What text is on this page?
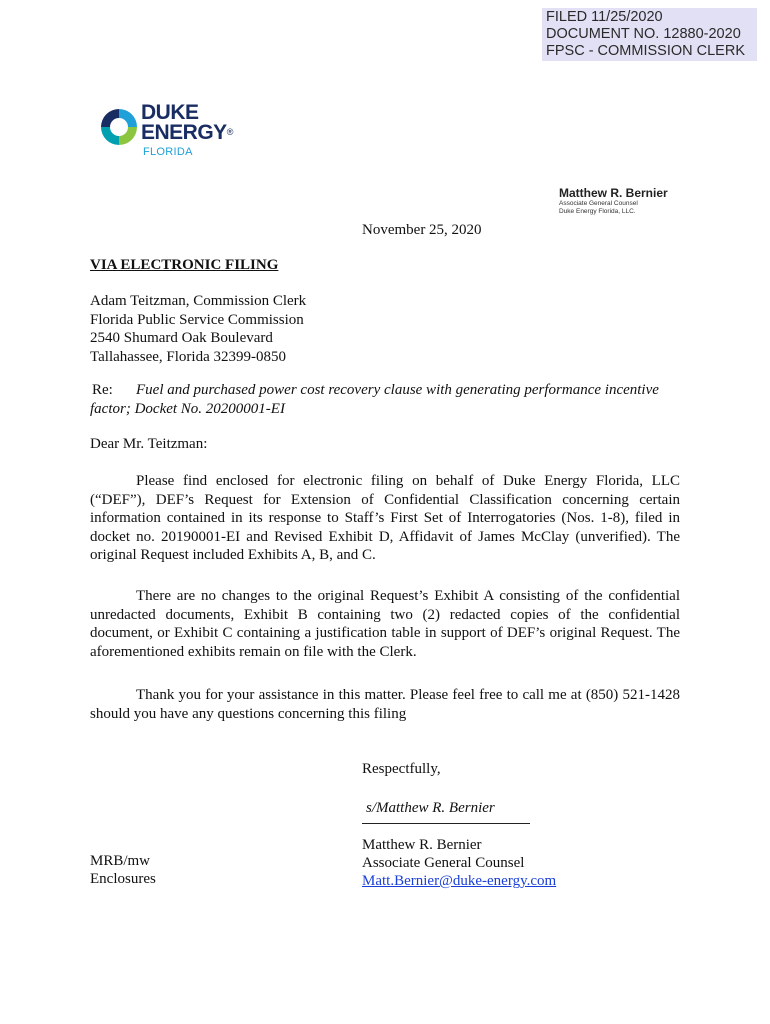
FILED 11/25/2020
DOCUMENT NO. 12880-2020
FPSC - COMMISSION CLERK
DUKE
ENERGY®
FLORIDA
Matthew R. Bernier
Associate General Counsel
Duke Energy Florida, LLC.
November 25, 2020
VIA ELECTRONIC FILING
Adam Teitzman, Commission Clerk
Florida Public Service Commission
2540 Shumard Oak Boulevard
Tallahassee, Florida 32399-0850
Re: Fuel and purchased power cost recovery clause with generating performance incentive
factor; Docket No. 20200001-EI
Dear Mr. Teitzman:
Please find enclosed for electronic filing on behalf of Duke Energy Florida, LLC (“DEF”), DEF’s Request for Extension of Confidential Classification concerning certain information contained in its response to Staff’s First Set of Interrogatories (Nos. 1-8), filed in docket no. 20190001-EI and Revised Exhibit D, Affidavit of James McClay (unverified). The original Request included Exhibits A, B, and C.
There are no changes to the original Request’s Exhibit A consisting of the confidential unredacted documents, Exhibit B containing two (2) redacted copies of the confidential document, or Exhibit C containing a justification table in support of DEF’s original Request. The aforementioned exhibits remain on file with the Clerk.
Thank you for your assistance in this matter. Please feel free to call me at (850) 521-1428 should you have any questions concerning this filing
Respectfully,
s/Matthew R. Bernier
Matthew R. Bernier
Associate General Counsel
Matt.Bernier@duke-energy.com
MRB/mw
Enclosures
